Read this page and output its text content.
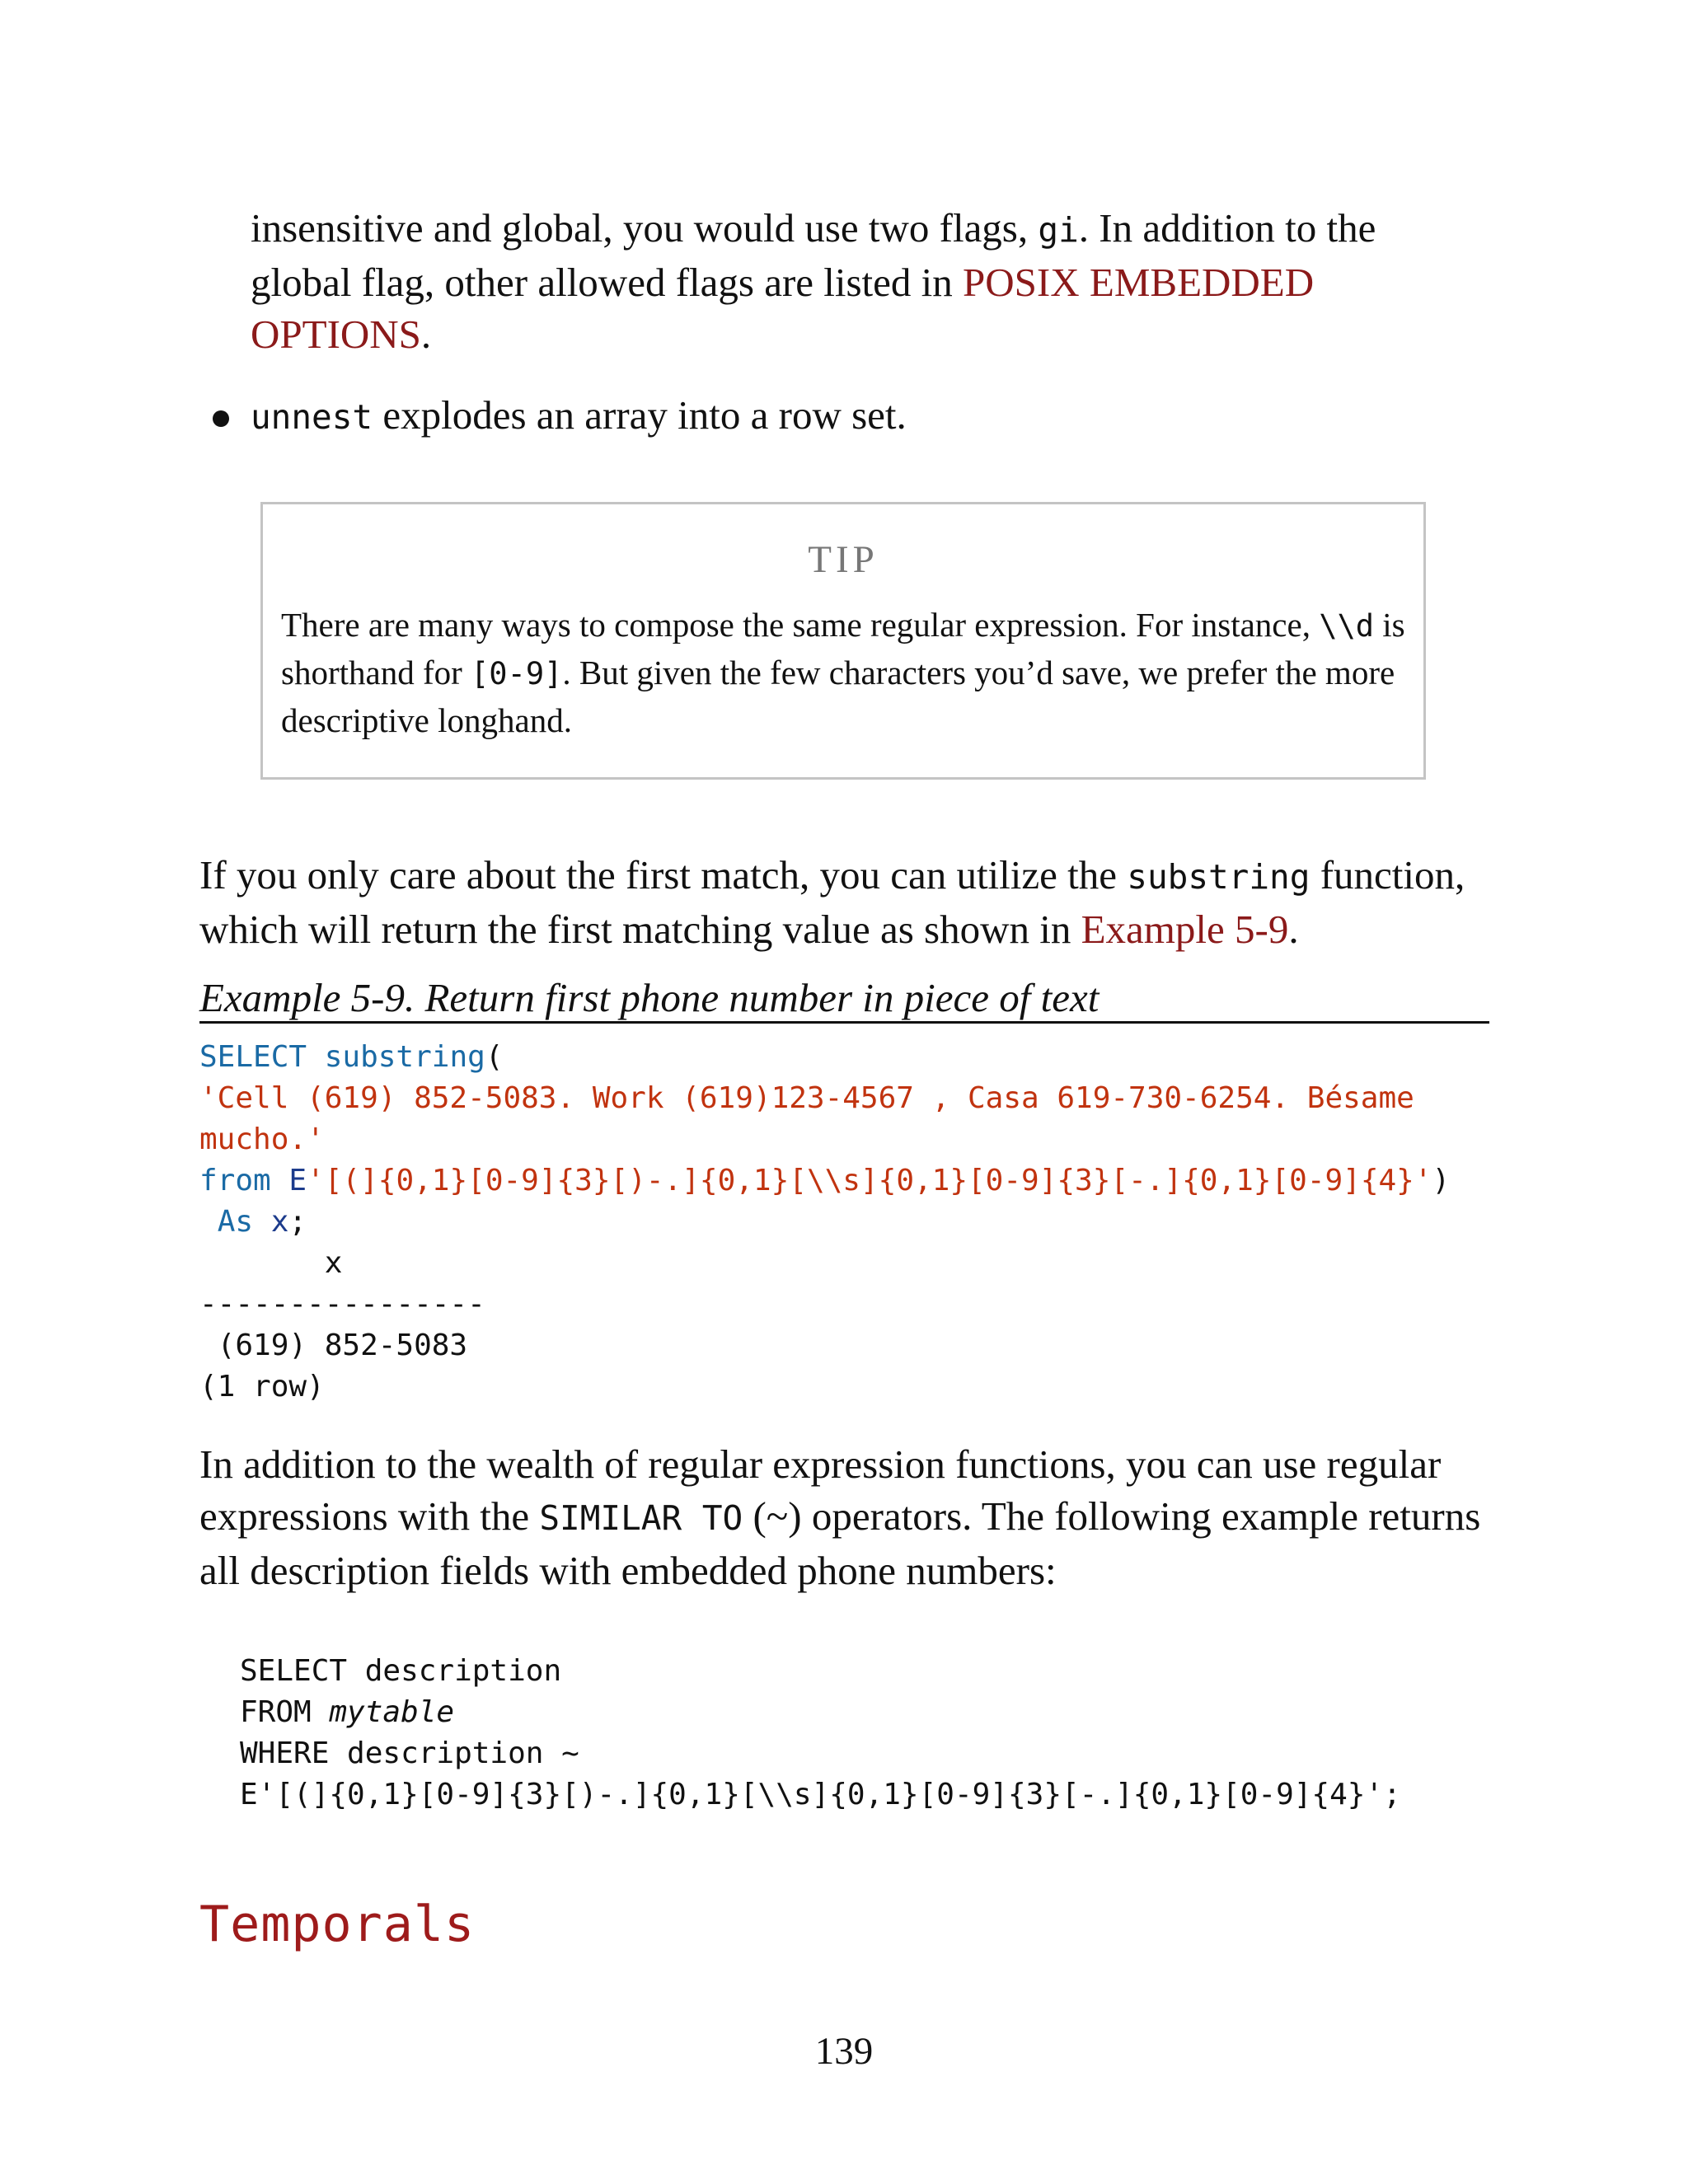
insensitive and global, you would use two flags, gi. In addition to the global flag, other allowed flags are listed in POSIX EMBEDDED OPTIONS.

unnest explodes an array into a row set.
TIP
There are many ways to compose the same regular expression. For instance, \\d is shorthand for [0-9]. But given the few characters you’d save, we prefer the more descriptive longhand.

If you only care about the first match, you can utilize the substring function, which will return the first matching value as shown in Example 5-9.

Example 5-9. Return first phone number in piece of text
SELECT substring(
'Cell (619) 852-5083. Work (619)123-4567 , Casa 619-730-6254. Bésame
mucho.'
from E'[(]{0,1}[0-9]{3}[)-.]{0,1}[\\s]{0,1}[0-9]{3}[-.]{0,1}[0-9]{4}')
As x;
x
----------------
(619) 852-5083
(1 row)

In addition to the wealth of regular expression functions, you can use regular expressions with the SIMILAR TO (~) operators. The following example returns all description fields with embedded phone numbers:

SELECT description
FROM mytable
WHERE description ~
E'[(]{0,1}[0-9]{3}[)-.]{0,1}[\\s]{0,1}[0-9]{3}[-.]{0,1}[0-9]{4}';
Temporals
139
